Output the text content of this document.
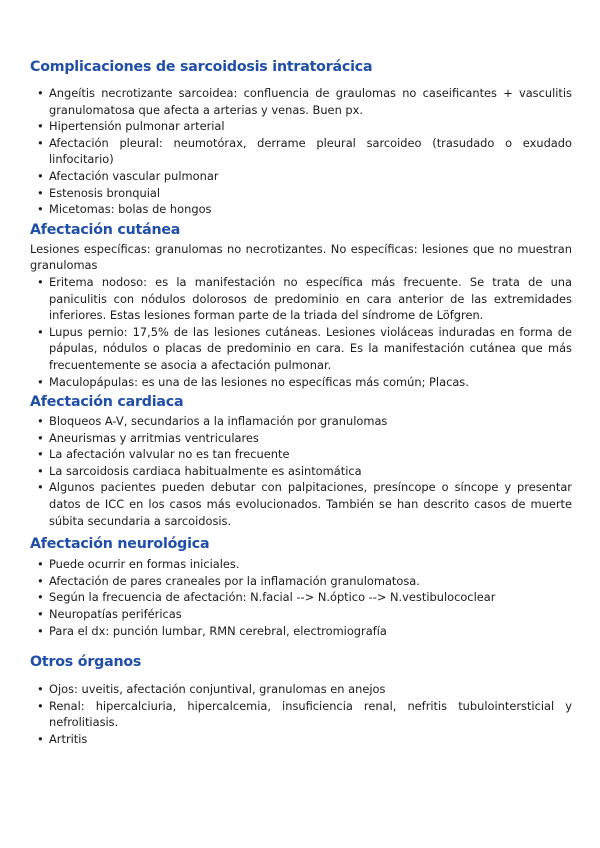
Complicaciones de sarcoidosis intratorácica
• Angeítis necrotizante sarcoidea: confluencia de graulomas no caseificantes + vasculitis granulomatosa que afecta a arterias y venas. Buen px.
• Hipertensión pulmonar arterial
• Afectación pleural: neumotórax, derrame pleural sarcoideo (trasudado o exudado linfocitario)
• Afectación vascular pulmonar
• Estenosis bronquial
• Micetomas: bolas de hongos
Afectación cutánea

Lesiones específicas: granulomas no necrotizantes. No específicas: lesiones que no muestran granulomas

• Eritema nodoso: es la manifestación no específica más frecuente. Se trata de una paniculitis con nódulos dolorosos de predominio en cara anterior de las extremidades inferiores. Estas lesiones forman parte de la triada del síndrome de Löfgren.
• Lupus pernio: 17,5% de las lesiones cutáneas. Lesiones violáceas induradas en forma de pápulas, nódulos o placas de predominio en cara. Es la manifestación cutánea que más frecuentemente se asocia a afectación pulmonar.
• Maculopápulas: es una de las lesiones no específicas más común; Placas.
Afectación cardiaca
• Bloqueos A-V, secundarios a la inflamación por granulomas
• Aneurismas y arritmias ventriculares
• La afectación valvular no es tan frecuente
• La sarcoidosis cardiaca habitualmente es asintomática
• Algunos pacientes pueden debutar con palpitaciones, presíncope o síncope y presentar datos de ICC en los casos más evolucionados. También se han descrito casos de muerte súbita secundaria a sarcoidosis.
Afectación neurológica
• Puede ocurrir en formas iniciales.
• Afectación de pares craneales por la inflamación granulomatosa.
• Según la frecuencia de afectación: N.facial --> N.óptico --> N.vestibulococlear
• Neuropatías periféricas
• Para el dx: punción lumbar, RMN cerebral, electromiografía
Otros órganos
• Ojos: uveitis, afectación conjuntival, granulomas en anejos
• Renal: hipercalciuria, hipercalcemia, insuficiencia renal, nefritis tubulointersticial y nefrolitiasis.
• Artritis
